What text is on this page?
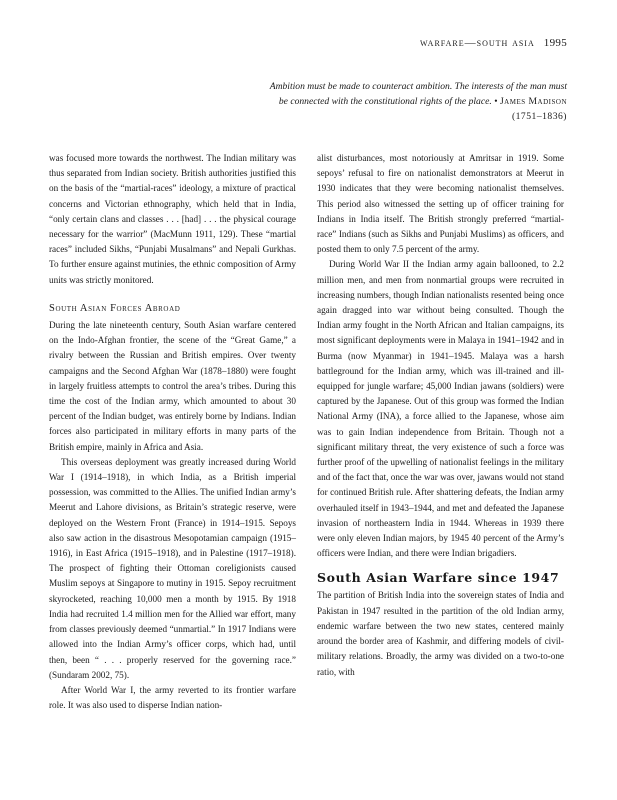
warfare—south asia 1995
Ambition must be made to counteract ambition. The interests of the man must be connected with the constitutional rights of the place. • James Madison (1751–1836)

was focused more towards the northwest. The Indian military was thus separated from Indian society. British authorities justified this on the basis of the “martial-races” ideology, a mixture of practical concerns and Victorian ethnography, which held that in India, “only certain clans and classes . . . [had] . . . the physical courage necessary for the warrior” (MacMunn 1911, 129). These “martial races” included Sikhs, “Punjabi Musalmans” and Nepali Gurkhas. To further ensure against mutinies, the ethnic composition of Army units was strictly monitored.

South Asian Forces Abroad

During the late nineteenth century, South Asian warfare centered on the Indo-Afghan frontier, the scene of the “Great Game,” a rivalry between the Russian and British empires. Over twenty campaigns and the Second Afghan War (1878–1880) were fought in largely fruitless attempts to control the area’s tribes. During this time the cost of the Indian army, which amounted to about 30 percent of the Indian budget, was entirely borne by Indians. Indian forces also participated in military efforts in many parts of the British empire, mainly in Africa and Asia.

This overseas deployment was greatly increased during World War I (1914–1918), in which India, as a British imperial possession, was committed to the Allies. The unified Indian army’s Meerut and Lahore divisions, as Britain’s strategic reserve, were deployed on the Western Front (France) in 1914–1915. Sepoys also saw action in the disastrous Mesopotamian campaign (1915–1916), in East Africa (1915–1918), and in Palestine (1917–1918). The prospect of fighting their Ottoman coreligionists caused Muslim sepoys at Singapore to mutiny in 1915. Sepoy recruitment skyrocketed, reaching 10,000 men a month by 1915. By 1918 India had recruited 1.4 million men for the Allied war effort, many from classes previously deemed “unmartial.” In 1917 Indians were allowed into the Indian Army’s officer corps, which had, until then, been “ . . . properly reserved for the governing race.” (Sundaram 2002, 75).

After World War I, the army reverted to its frontier warfare role. It was also used to disperse Indian nation-

alist disturbances, most notoriously at Amritsar in 1919. Some sepoys’ refusal to fire on nationalist demonstrators at Meerut in 1930 indicates that they were becoming nationalist themselves. This period also witnessed the setting up of officer training for Indians in India itself. The British strongly preferred “martial-race” Indians (such as Sikhs and Punjabi Muslims) as officers, and posted them to only 7.5 percent of the army.

During World War II the Indian army again ballooned, to 2.2 million men, and men from nonmartial groups were recruited in increasing numbers, though Indian nationalists resented being once again dragged into war without being consulted. Though the Indian army fought in the North African and Italian campaigns, its most significant deployments were in Malaya in 1941–1942 and in Burma (now Myanmar) in 1941–1945. Malaya was a harsh battleground for the Indian army, which was ill-trained and ill-equipped for jungle warfare; 45,000 Indian jawans (soldiers) were captured by the Japanese. Out of this group was formed the Indian National Army (INA), a force allied to the Japanese, whose aim was to gain Indian independence from Britain. Though not a significant military threat, the very existence of such a force was further proof of the upwelling of nationalist feelings in the military and of the fact that, once the war was over, jawans would not stand for continued British rule. After shattering defeats, the Indian army overhauled itself in 1943–1944, and met and defeated the Japanese invasion of northeastern India in 1944. Whereas in 1939 there were only eleven Indian majors, by 1945 40 percent of the Army’s officers were Indian, and there were Indian brigadiers.

South Asian Warfare since 1947

The partition of British India into the sovereign states of India and Pakistan in 1947 resulted in the partition of the old Indian army, endemic warfare between the two new states, centered mainly around the border area of Kashmir, and differing models of civil-military relations. Broadly, the army was divided on a two-to-one ratio, with
